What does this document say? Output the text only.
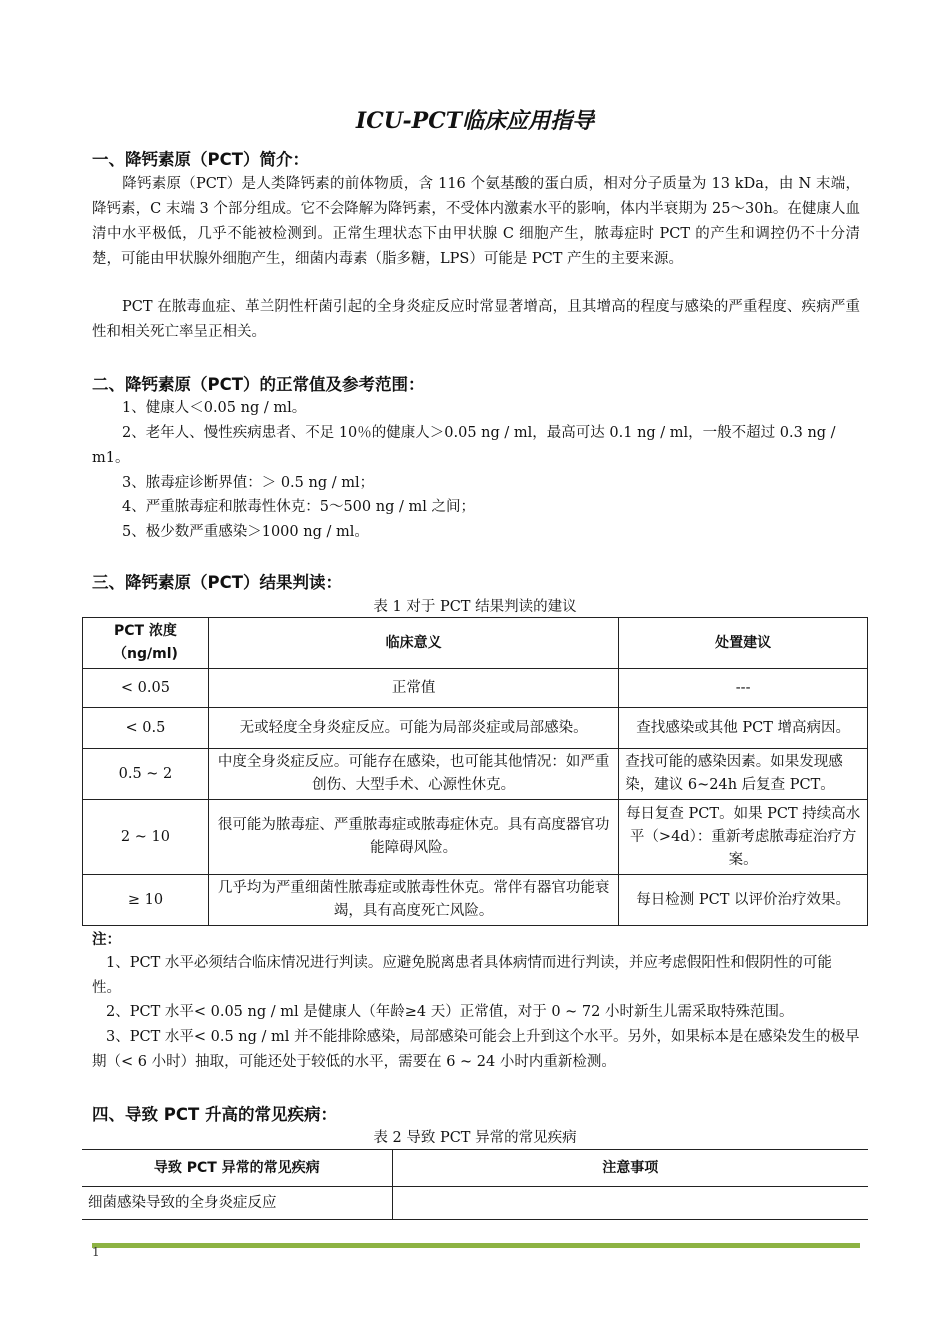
ICU-PCT临床应用指导
一、降钙素原（PCT）简介：
降钙素原（PCT）是人类降钙素的前体物质，含 116 个氨基酸的蛋白质，相对分子质量为 13 kDa，由 N 末端，降钙素，C 末端 3 个部分组成。它不会降解为降钙素，不受体内激素水平的影响，体内半衰期为 25～30h。在健康人血清中水平极低，几乎不能被检测到。正常生理状态下由甲状腺 C 细胞产生，脓毒症时 PCT 的产生和调控仍不十分清楚，可能由甲状腺外细胞产生，细菌内毒素（脂多糖，LPS）可能是 PCT 产生的主要来源。
PCT 在脓毒血症、革兰阴性杆菌引起的全身炎症反应时常显著增高，且其增高的程度与感染的严重程度、疾病严重性和相关死亡率呈正相关。
二、降钙素原（PCT）的正常值及参考范围：
1、健康人＜0.05 ng / ml。
2、老年人、慢性疾病患者、不足 10％的健康人＞0.05 ng / ml，最高可达 0.1 ng / ml，一般不超过 0.3 ng / m1。
3、脓毒症诊断界值：＞ 0.5 ng / ml；
4、严重脓毒症和脓毒性休克：5～500 ng / ml 之间；
5、极少数严重感染＞1000 ng / ml。
三、降钙素原（PCT）结果判读：
表 1 对于 PCT 结果判读的建议
PCT 浓度（ng/ml)	临床意义	处置建议
< 0.05	正常值	---
< 0.5	无或轻度全身炎症反应。可能为局部炎症或局部感染。	查找感染或其他 PCT 增高病因。
0.5 ~ 2	中度全身炎症反应。可能存在感染，也可能其他情况：如严重创伤、大型手术、心源性休克。	查找可能的感染因素。如果发现感染，建议 6~24h 后复查 PCT。
2 ~ 10	很可能为脓毒症、严重脓毒症或脓毒症休克。具有高度器官功能障碍风险。	每日复查 PCT。如果 PCT 持续高水平（>4d）：重新考虑脓毒症治疗方案。
≥ 10	几乎均为严重细菌性脓毒症或脓毒性休克。常伴有器官功能衰竭，具有高度死亡风险。	每日检测 PCT 以评价治疗效果。
注：
1、PCT 水平必须结合临床情况进行判读。应避免脱离患者具体病情而进行判读，并应考虑假阳性和假阴性的可能性。
2、PCT 水平< 0.05 ng / ml 是健康人（年龄≥4 天）正常值，对于 0 ~ 72 小时新生儿需采取特殊范围。
3、PCT 水平< 0.5 ng / ml 并不能排除感染，局部感染可能会上升到这个水平。另外，如果标本是在感染发生的极早期（< 6 小时）抽取，可能还处于较低的水平，需要在 6 ~ 24 小时内重新检测。
四、导致 PCT 升高的常见疾病：
表 2 导致 PCT 异常的常见疾病
导致 PCT 异常的常见疾病	注意事项
细菌感染导致的全身炎症反应	
1
